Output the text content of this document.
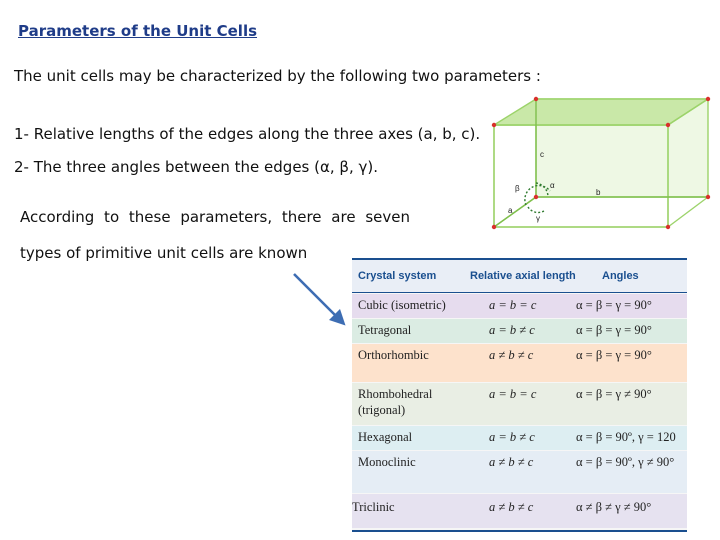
Parameters of the Unit Cells
The unit cells may be characterized by the following two parameters :
1- Relative lengths of the edges along the three axes (a, b, c).
2- The three angles between the edges (α, β, γ).
According to these parameters, there are seven
types of primitive unit cells are known
c
b
a
α
β
γ
Crystal system	Relative axial length Angles
Cubic (isometric)	a = b = c	α = β = γ = 90°
Tetragonal	a = b ≠ c	α = β = γ = 90°
Orthorhombic	a ≠ b ≠ c	α = β = γ = 90°
Rhombohedral
(trigonal)
a = b = c	α = β = γ ≠ 90°
Hexagonal	a = b ≠ c	α = β = 90º, γ = 120
Monoclinic	a ≠ b ≠ c	α = β = 90º, γ ≠ 90°
Triclinic	a ≠ b ≠ c	α ≠ β ≠ γ ≠ 90°
